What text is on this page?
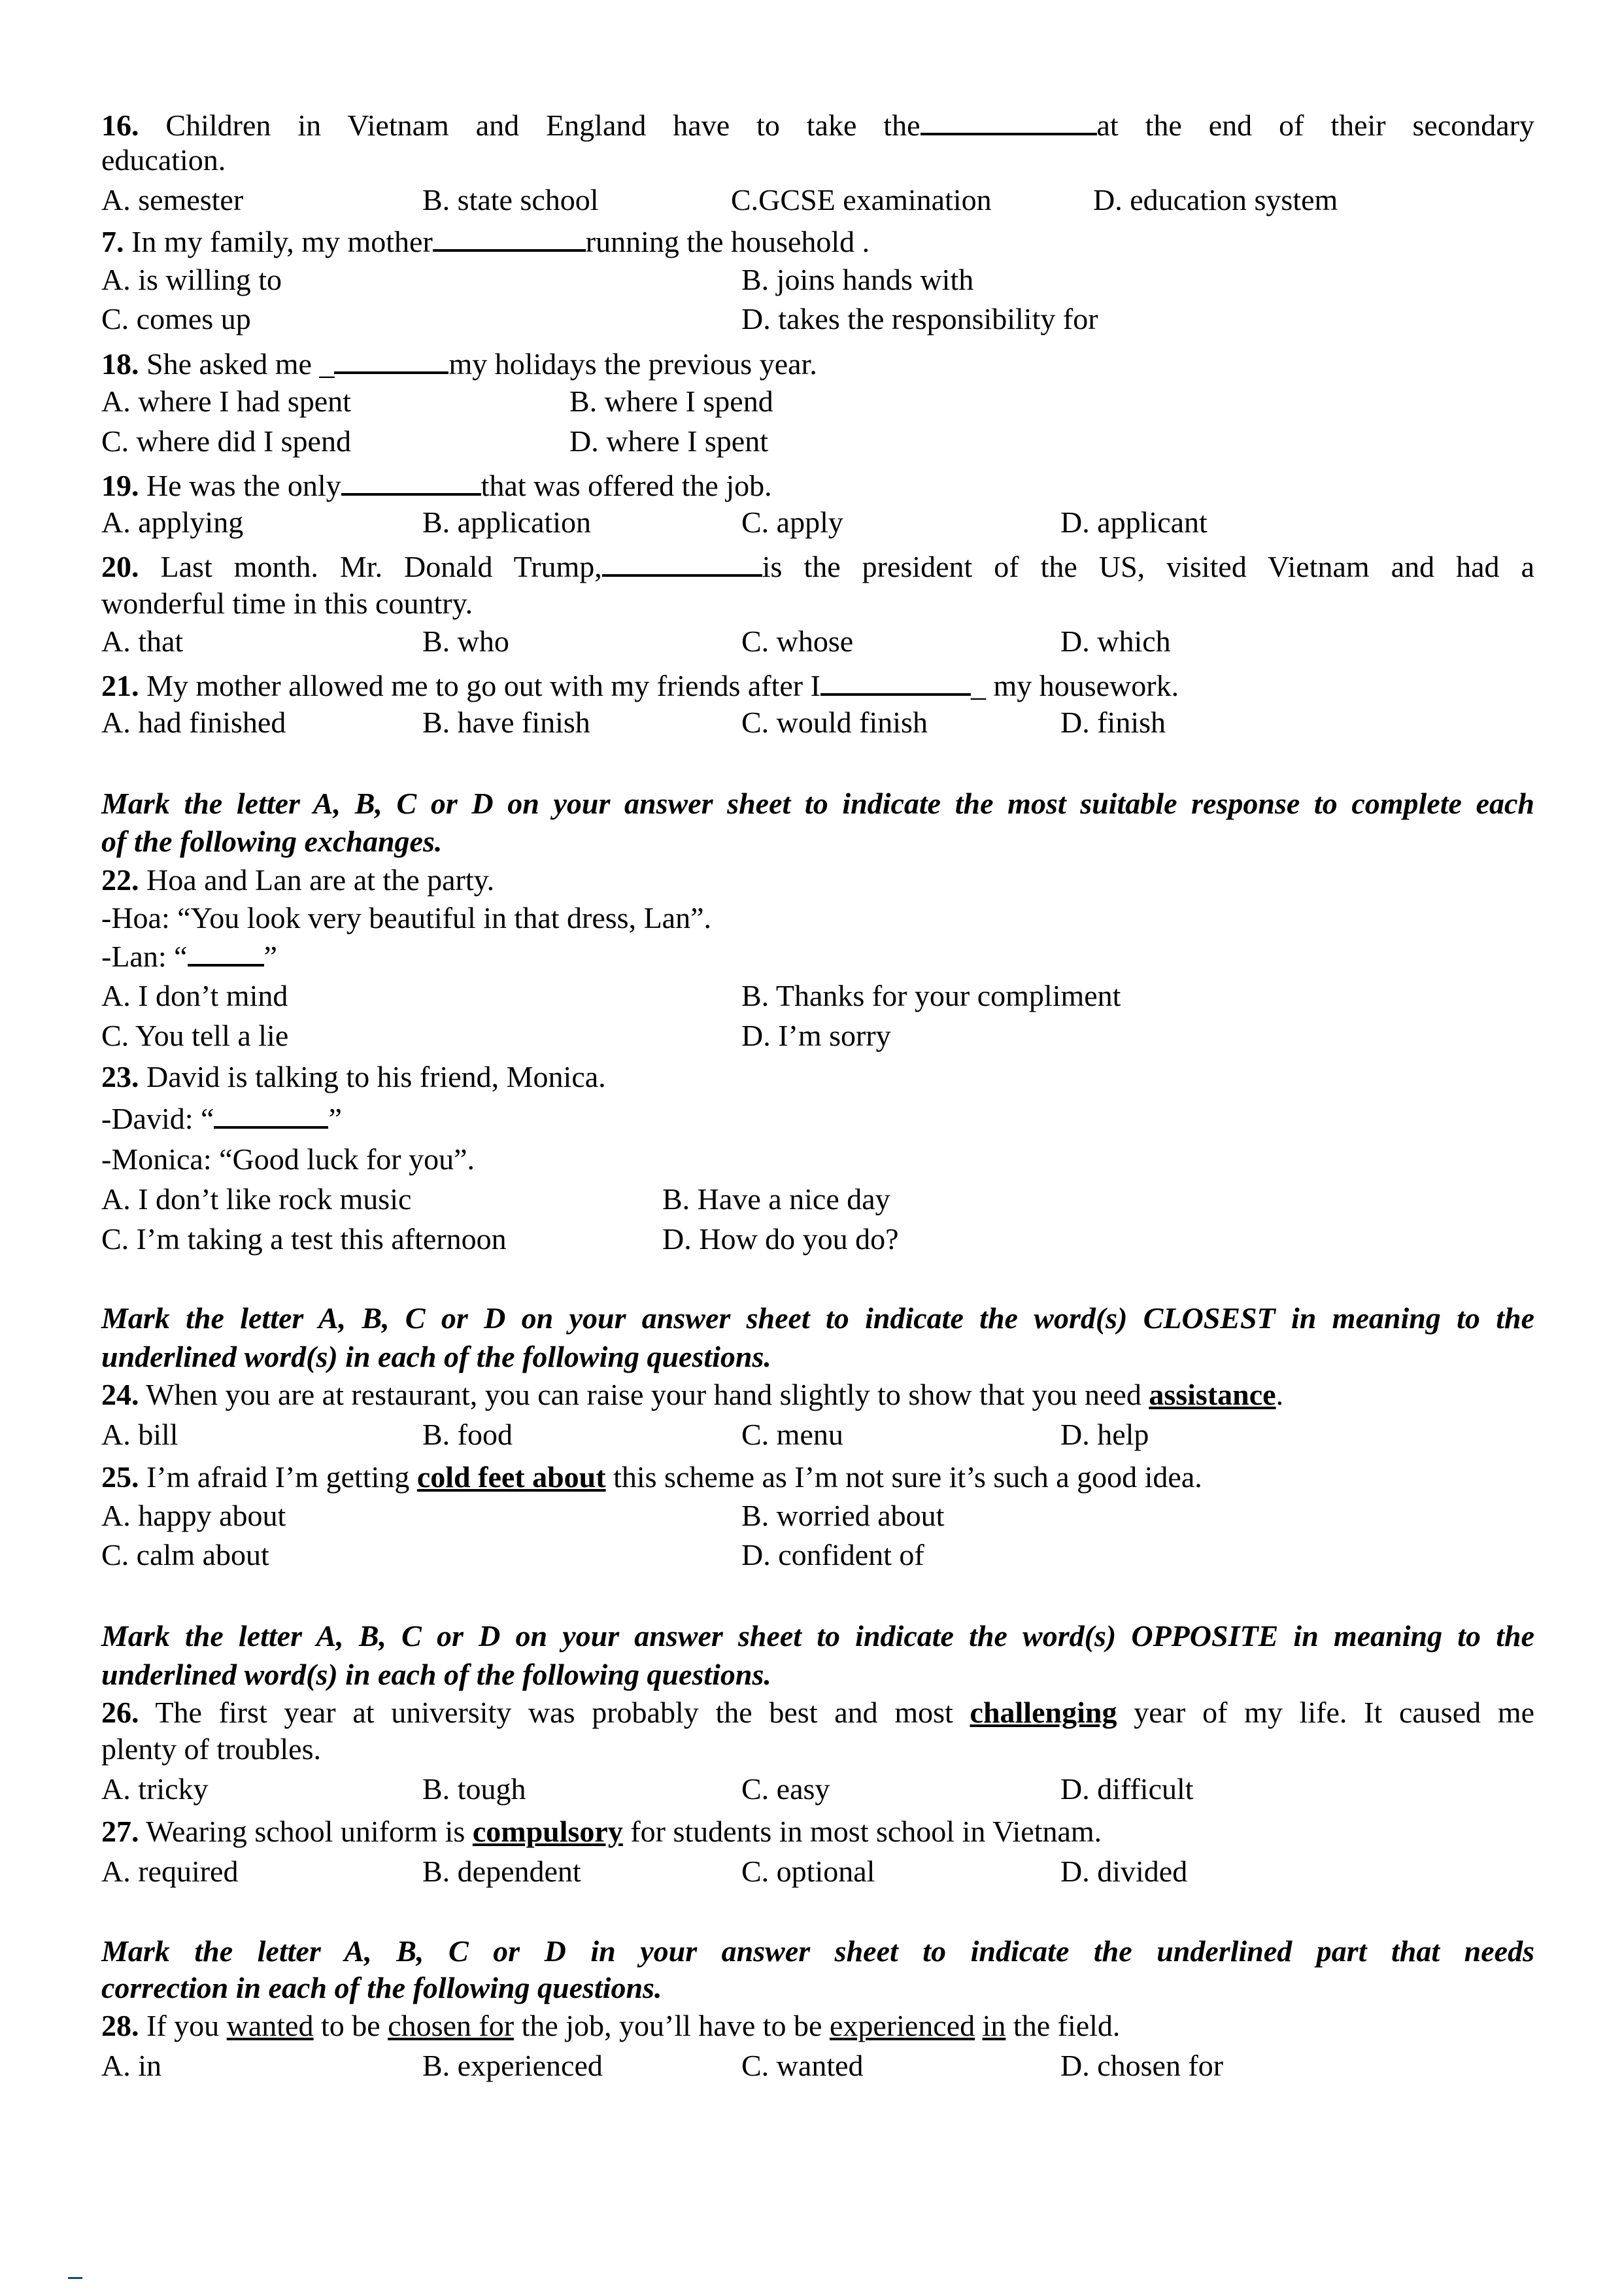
16. Children in Vietnam and England have to take the	at the end of their secondary
education.
A. semester	B. state school	C.GCSE examination	D. education system
7. In my family, my mother	running the household .
A. is willing to	B. joins hands with
C. comes up	D. takes the responsibility for
18. She asked me _	my holidays the previous year.
A. where I had spent	B. where I spend
C. where did I spend	D. where I spent
19. He was the only	that was offered the job.
A. applying	B. application	C. apply	D. applicant
20. Last month. Mr. Donald Trump,	is the president of the US, visited Vietnam and had a
wonderful time in this country.
A. that	B. who	C. whose	D. which
21. My mother allowed me to go out with my friends after I	_ my housework.
A. had finished	B. have finish	C. would finish	D. finish
Mark the letter A, B, C or D on your answer sheet to indicate the most suitable response to complete each
of the following exchanges.
22. Hoa and Lan are at the party.
-Hoa: “You look very beautiful in that dress, Lan”.
-Lan: “	”
A. I don’t mind	B. Thanks for your compliment
C. You tell a lie	D. I’m sorry
23. David is talking to his friend, Monica.
-David: “	”
-Monica: “Good luck for you”.
A. I don’t like rock music	B. Have a nice day
C. I’m taking a test this afternoon	D. How do you do?
Mark the letter A, B, C or D on your answer sheet to indicate the word(s) CLOSEST in meaning to the
underlined word(s) in each of the following questions.
24. When you are at restaurant, you can raise your hand slightly to show that you need assistance.
A. bill	B. food	C. menu	D. help
25. I’m afraid I’m getting cold feet about this scheme as I’m not sure it’s such a good idea.
A. happy about	B. worried about
C. calm about	D. confident of
Mark the letter A, B, C or D on your answer sheet to indicate the word(s) OPPOSITE in meaning to the
underlined word(s) in each of the following questions.
26. The first year at university was probably the best and most challenging year of my life. It caused me
plenty of troubles.
A. tricky	B. tough	C. easy	D. difficult
27. Wearing school uniform is compulsory for students in most school in Vietnam.
A. required	B. dependent	C. optional	D. divided
Mark the letter A, B, C or D in your answer sheet to indicate the underlined part that needs
correction in each of the following questions.
28. If you wanted to be chosen for the job, you’ll have to be experienced in the field.
A. in	B. experienced	C. wanted	D. chosen for
